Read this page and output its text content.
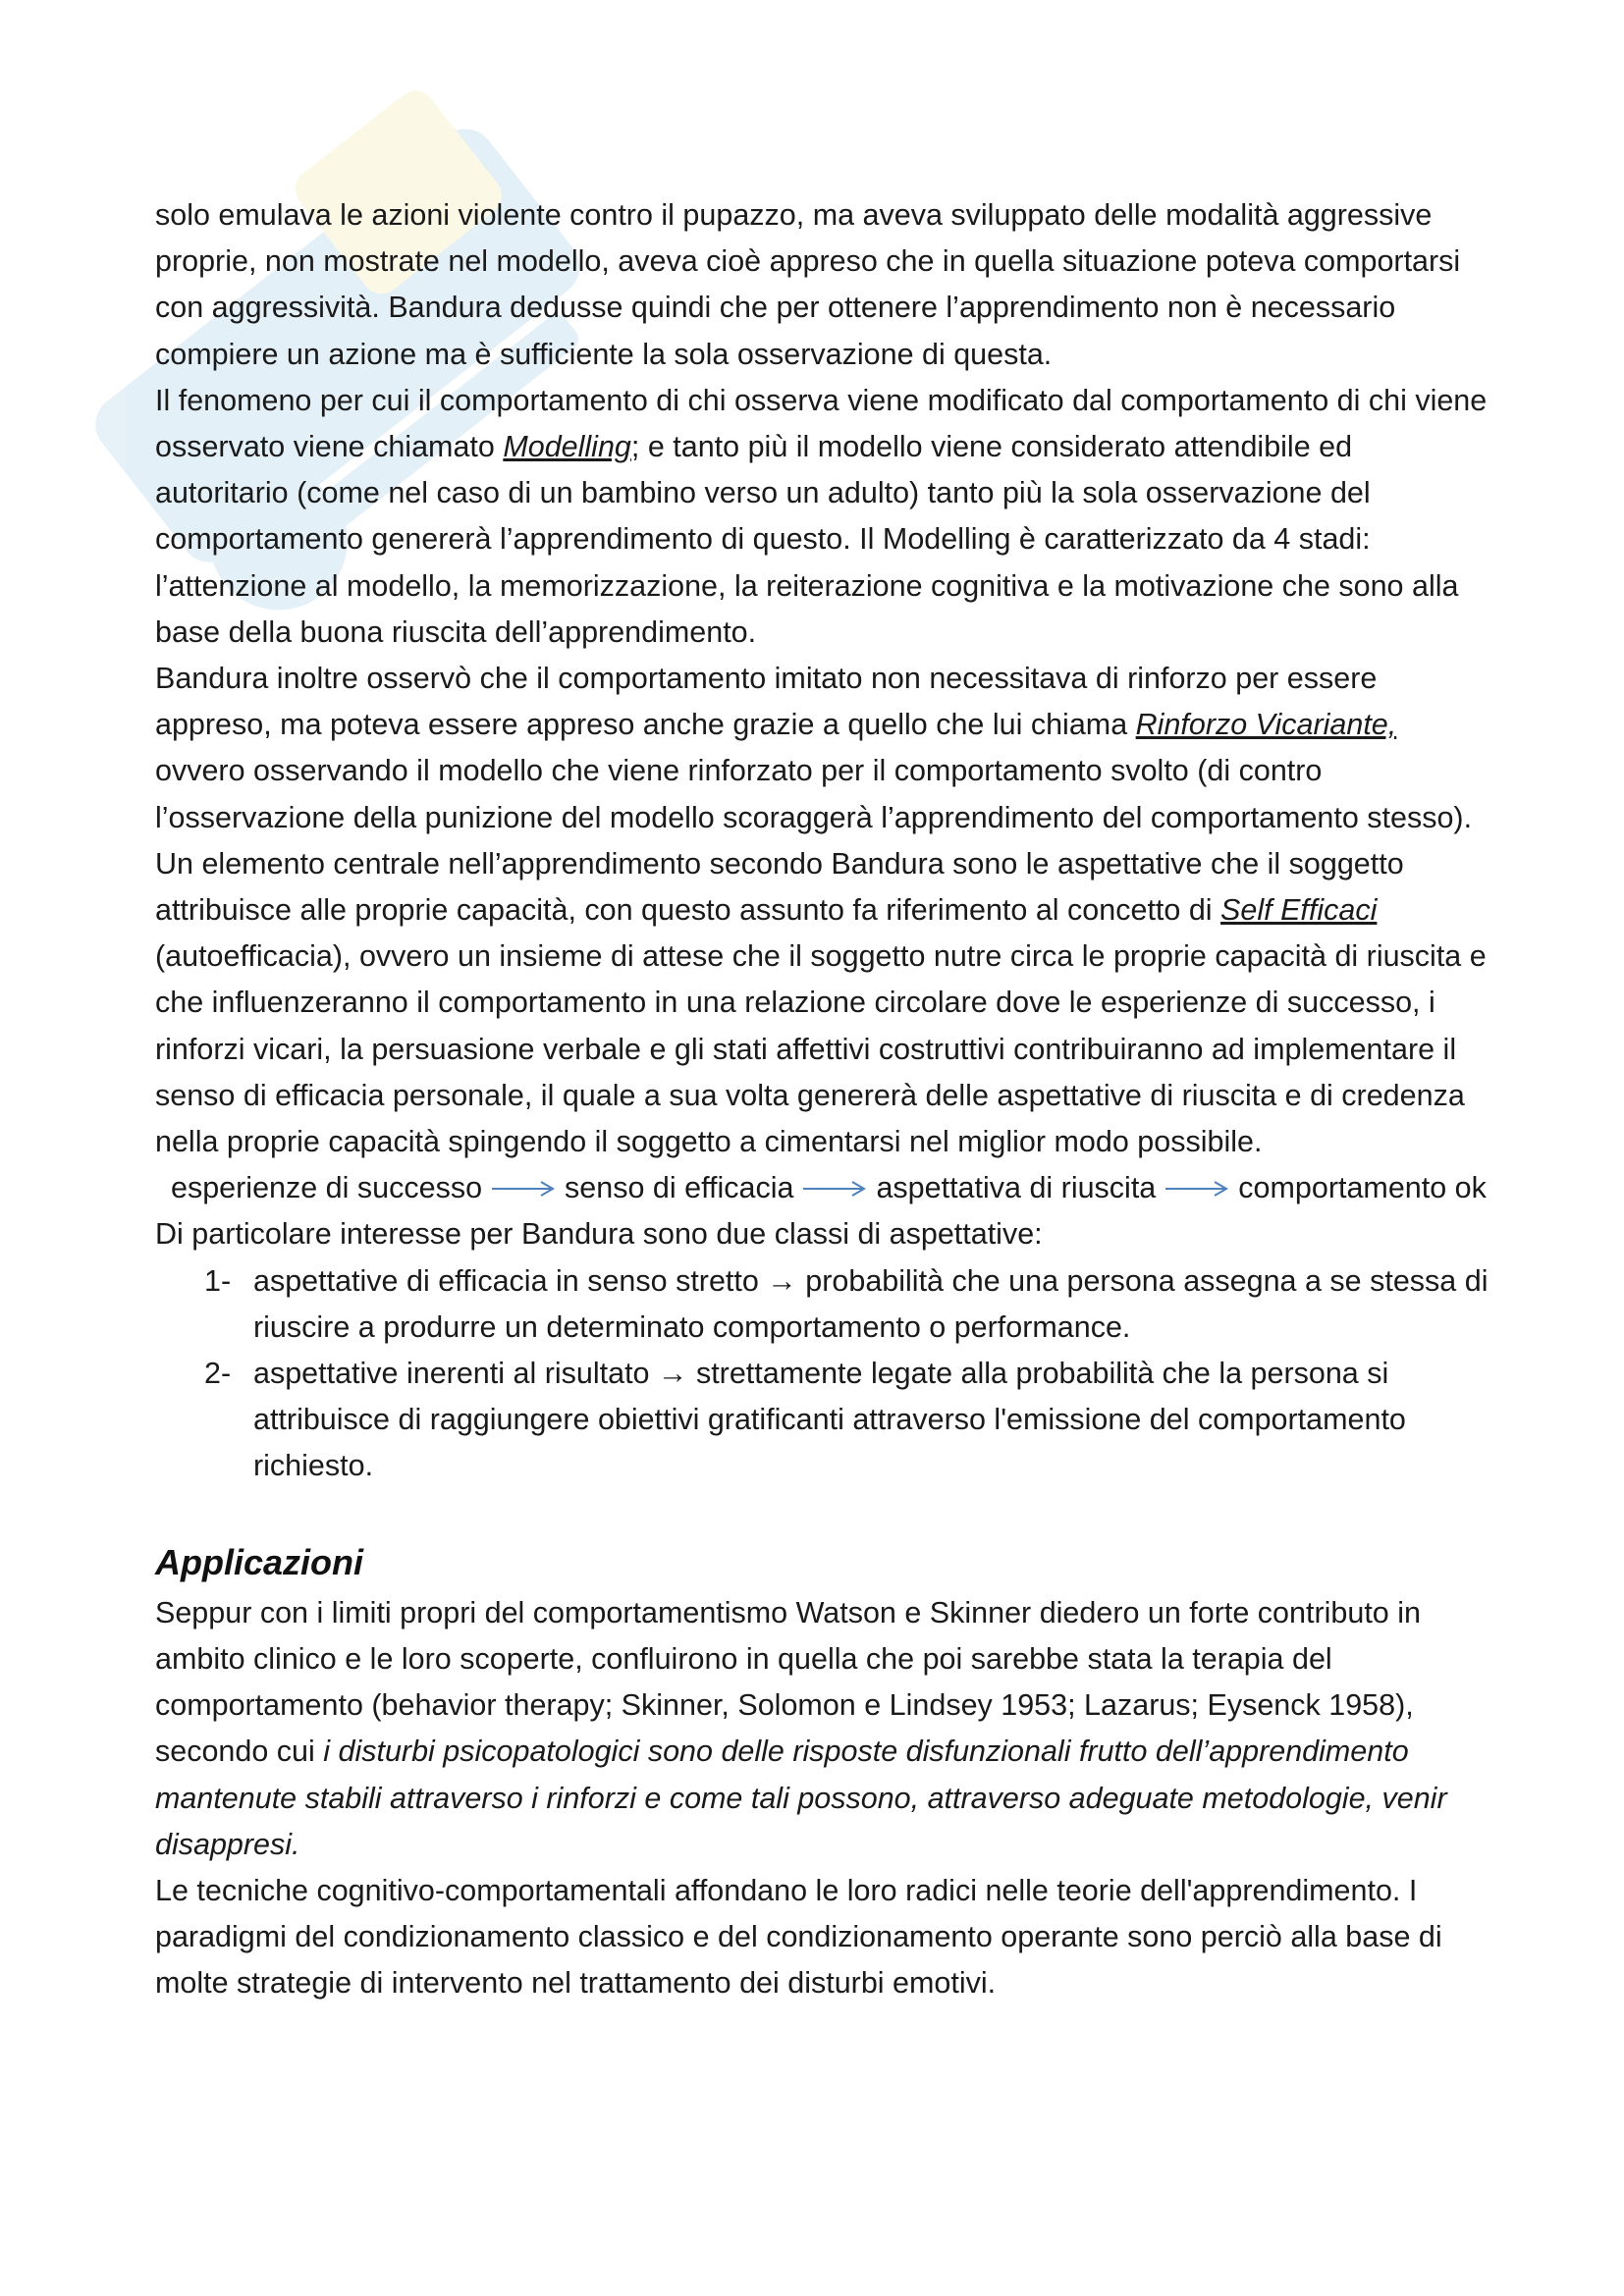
solo emulava le azioni violente contro il pupazzo, ma aveva sviluppato delle modalità aggressive proprie, non mostrate nel modello, aveva cioè appreso che in quella situazione poteva comportarsi con aggressività. Bandura dedusse quindi che per ottenere l’apprendimento non è necessario compiere un azione ma è sufficiente la sola osservazione di questa.

Il fenomeno per cui il comportamento di chi osserva viene modificato dal comportamento di chi viene osservato viene chiamato Modelling; e tanto più il modello viene considerato attendibile ed autoritario (come nel caso di un bambino verso un adulto) tanto più la sola osservazione del comportamento genererà l’apprendimento di questo. Il Modelling è caratterizzato da 4 stadi: l’attenzione al modello, la memorizzazione, la reiterazione cognitiva e la motivazione che sono alla base della buona riuscita dell’apprendimento.

Bandura inoltre osservò che il comportamento imitato non necessitava di rinforzo per essere appreso, ma poteva essere appreso anche grazie a quello che lui chiama Rinforzo Vicariante, ovvero osservando il modello che viene rinforzato per il comportamento svolto (di contro l’osservazione della punizione del modello scoraggerà l’apprendimento del comportamento stesso).

Un elemento centrale nell’apprendimento secondo Bandura sono le aspettative che il soggetto attribuisce alle proprie capacità, con questo assunto fa riferimento al concetto di Self Efficaci (autoefficacia), ovvero un insieme di attese che il soggetto nutre circa le proprie capacità di riuscita e che influenzeranno il comportamento in una relazione circolare dove le esperienze di successo, i rinforzi vicari, la persuasione verbale e gli stati affettivi costruttivi contribuiranno ad implementare il senso di efficacia personale, il quale a sua volta genererà delle aspettative di riuscita e di credenza nella proprie capacità spingendo il soggetto a cimentarsi nel miglior modo possibile.

esperienze di successo	senso di efficacia	aspettativa di riuscita	comportamento ok

Di particolare interesse per Bandura sono due classi di aspettative:

1- aspettative di efficacia in senso stretto → probabilità che una persona assegna a se stessa di riuscire a produrre un determinato comportamento o performance.
2- aspettative inerenti al risultato → strettamente legate alla probabilità che la persona si attribuisce di raggiungere obiettivi gratificanti attraverso l'emissione del comportamento richiesto.
Applicazioni

Seppur con i limiti propri del comportamentismo Watson e Skinner diedero un forte contributo in ambito clinico e le loro scoperte, confluirono in quella che poi sarebbe stata la terapia del comportamento (behavior therapy; Skinner, Solomon e Lindsey 1953; Lazarus; Eysenck 1958), secondo cui i disturbi psicopatologici sono delle risposte disfunzionali frutto dell’apprendimento mantenute stabili attraverso i rinforzi e come tali possono, attraverso adeguate metodologie, venir disappresi.

Le tecniche cognitivo-comportamentali affondano le loro radici nelle teorie dell'apprendimento. I paradigmi del condizionamento classico e del condizionamento operante sono perciò alla base di molte strategie di intervento nel trattamento dei disturbi emotivi.
